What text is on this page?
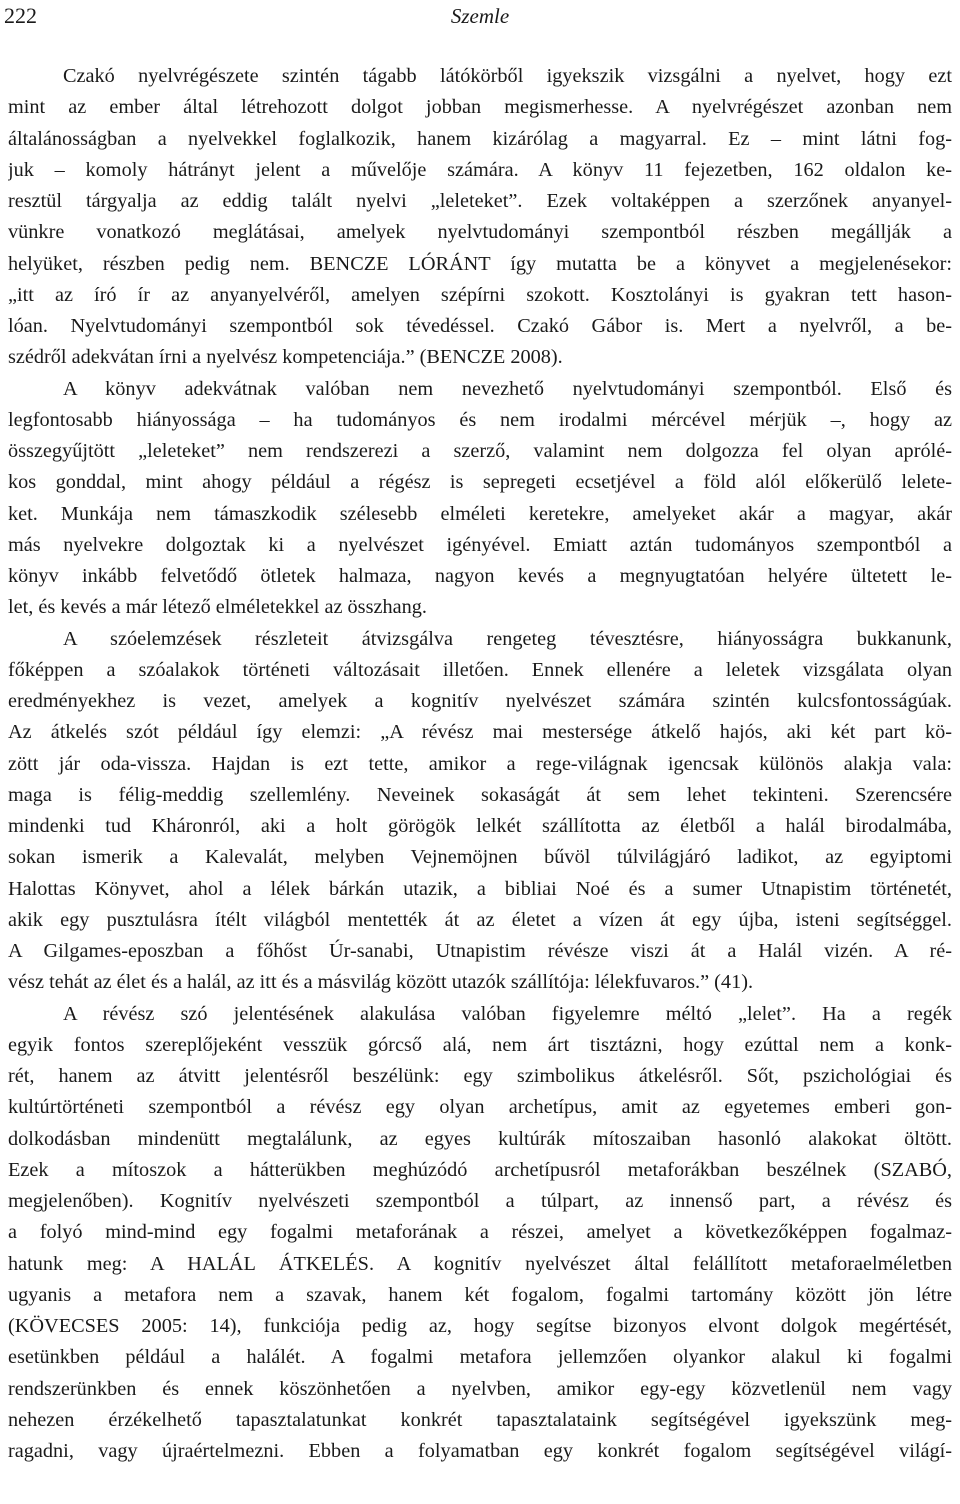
222	Szemle
Czakó nyelvrégészete szintén tágabb látókörből igyekszik vizsgálni a nyelvet, hogy ezt
mint az ember által létrehozott dolgot jobban megismerhesse. A nyelvrégészet azonban nem
általánosságban a nyelvekkel foglalkozik, hanem kizárólag a magyarral. Ez – mint látni fog-
juk – komoly hátrányt jelent a művelője számára. A könyv 11 fejezetben, 162 oldalon ke-
resztül tárgyalja az eddig talált nyelvi „leleteket”. Ezek voltaképpen a szerzőnek anyanyel-
vünkre vonatkozó meglátásai, amelyek nyelvtudományi szempontból részben megállják a
helyüket, részben pedig nem. BENCZE LÓRÁNT így mutatta be a könyvet a megjelenésekor:
„itt az író ír az anyanyelvéről, amelyen szépírni szokott. Kosztolányi is gyakran tett hason-
lóan. Nyelvtudományi szempontból sok tévedéssel. Czakó Gábor is. Mert a nyelvről, a be-
szédről adekvátan írni a nyelvész kompetenciája.” (BENCZE 2008).
A könyv adekvátnak valóban nem nevezhető nyelvtudományi szempontból. Első és
legfontosabb hiányossága – ha tudományos és nem irodalmi mércével mérjük –, hogy az
összegyűjtött „leleteket” nem rendszerezi a szerző, valamint nem dolgozza fel olyan aprólé-
kos gonddal, mint ahogy például a régész is sepregeti ecsetjével a föld alól előkerülő lelete-
ket. Munkája nem támaszkodik szélesebb elméleti keretekre, amelyeket akár a magyar, akár
más nyelvekre dolgoztak ki a nyelvészet igényével. Emiatt aztán tudományos szempontból a
könyv inkább felvetődő ötletek halmaza, nagyon kevés a megnyugtatóan helyére ültetett le-
let, és kevés a már létező elméletekkel az összhang.
A szóelemzések részleteit átvizsgálva rengeteg tévesztésre, hiányosságra bukkanunk,
főképpen a szóalakok történeti változásait illetően. Ennek ellenére a leletek vizsgálata olyan
eredményekhez is vezet, amelyek a kognitív nyelvészet számára szintén kulcsfontosságúak.
Az átkelés szót például így elemzi: „A révész mai mestersége átkelő hajós, aki két part kö-
zött jár oda-vissza. Hajdan is ezt tette, amikor a rege-világnak igencsak különös alakja vala:
maga is félig-meddig szellemlény. Neveinek sokaságát át sem lehet tekinteni. Szerencsére
mindenki tud Kháronról, aki a holt görögök lelkét szállította az életből a halál birodalmába,
sokan ismerik a Kalevalát, melyben Vejnemöjnen bűvöl túlvilágjáró ladikot, az egyiptomi
Halottas Könyvet, ahol a lélek bárkán utazik, a bibliai Noé és a sumer Utnapistim történetét,
akik egy pusztulásra ítélt világból mentették át az életet a vízen át egy újba, isteni segítséggel.
A Gilgames-eposzban a főhőst Úr-sanabi, Utnapistim révésze viszi át a Halál vizén. A ré-
vész tehát az élet és a halál, az itt és a másvilág között utazók szállítója: lélekfuvaros.” (41).
A révész szó jelentésének alakulása valóban figyelemre méltó „lelet”. Ha a regék
egyik fontos szereplőjeként vesszük górcső alá, nem árt tisztázni, hogy ezúttal nem a konk-
rét, hanem az átvitt jelentésről beszélünk: egy szimbolikus átkelésről. Sőt, pszichológiai és
kultúrtörténeti szempontból a révész egy olyan archetípus, amit az egyetemes emberi gon-
dolkodásban mindenütt megtalálunk, az egyes kultúrák mítoszaiban hasonló alakokat öltött.
Ezek a mítoszok a hátterükben meghúzódó archetípusról metaforákban beszélnek (SZABÓ,
megjelenőben). Kognitív nyelvészeti szempontból a túlpart, az innenső part, a révész és
a folyó mind-mind egy fogalmi metaforának a részei, amelyet a következőképpen fogalmaz-
hatunk meg: A HALÁL ÁTKELÉS. A kognitív nyelvészet által felállított metaforaelméletben
ugyanis a metafora nem a szavak, hanem két fogalom, fogalmi tartomány között jön létre
(KÖVECSES 2005: 14), funkciója pedig az, hogy segítse bizonyos elvont dolgok megértését,
esetünkben például a halálét. A fogalmi metafora jellemzően olyankor alakul ki fogalmi
rendszerünkben és ennek köszönhetően a nyelvben, amikor egy-egy közvetlenül nem vagy
nehezen érzékelhető tapasztalatunkat konkrét tapasztalataink segítségével igyekszünk meg-
ragadni, vagy újraértelmezni. Ebben a folyamatban egy konkrét fogalom segítségével világí-
